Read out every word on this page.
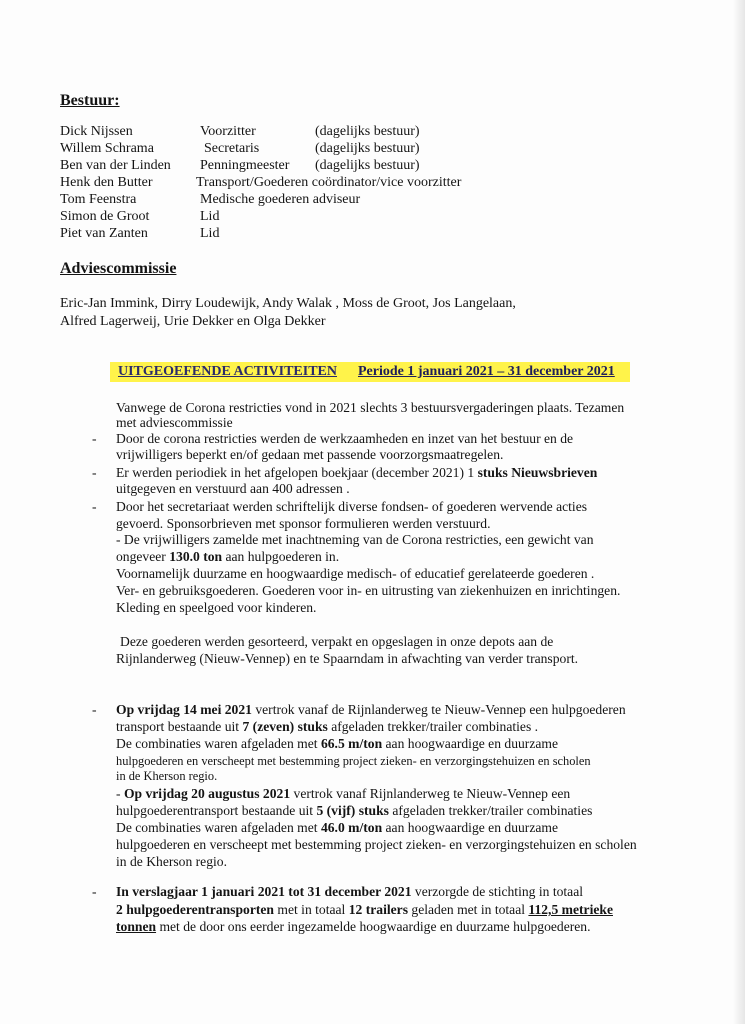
Bestuur:
Dick Nijssen	Voorzitter	(dagelijks bestuur)
Willem Schrama	Secretaris	(dagelijks bestuur)
Ben van der Linden Penningmeester (dagelijks bestuur)
Henk den Butter	Transport/Goederen coördinator/vice voorzitter
Tom Feenstra	Medische goederen adviseur
Simon de Groot	Lid
Piet van Zanten	Lid
Adviescommissie
Eric-Jan Immink, Dirry Loudewijk, Andy Walak , Moss de Groot, Jos Langelaan,
Alfred Lagerweij, Urie Dekker en Olga Dekker
UITGEOEFENDE ACTIVITEITEN Periode 1 januari 2021 – 31 december 2021
Vanwege de Corona restricties vond in 2021 slechts 3 bestuursvergaderingen plaats. Tezamen
met adviescommissie
- Door de corona restricties werden de werkzaamheden en inzet van het bestuur en de
vrijwilligers beperkt en/of gedaan met passende voorzorgsmaatregelen.
- Er werden periodiek in het afgelopen boekjaar (december 2021) 1 stuks Nieuwsbrieven
uitgegeven en verstuurd aan 400 adressen .
- Door het secretariaat werden schriftelijk diverse fondsen- of goederen wervende acties
gevoerd. Sponsorbrieven met sponsor formulieren werden verstuurd.
- De vrijwilligers zamelde met inachtneming van de Corona restricties, een gewicht van
ongeveer 130.0 ton aan hulpgoederen in.
Voornamelijk duurzame en hoogwaardige medisch- of educatief gerelateerde goederen .
Ver- en gebruiksgoederen. Goederen voor in- en uitrusting van ziekenhuizen en inrichtingen.
Kleding en speelgoed voor kinderen.
Deze goederen werden gesorteerd, verpakt en opgeslagen in onze depots aan de
Rijnlanderweg (Nieuw-Vennep) en te Spaarndam in afwachting van verder transport.
- Op vrijdag 14 mei 2021 vertrok vanaf de Rijnlanderweg te Nieuw-Vennep een hulpgoederen
transport bestaande uit 7 (zeven) stuks afgeladen trekker/trailer combinaties .
De combinaties waren afgeladen met 66.5 m/ton aan hoogwaardige en duurzame
hulpgoederen en verscheept met bestemming project zieken- en verzorgingstehuizen en scholen
in de Kherson regio.
- Op vrijdag 20 augustus 2021 vertrok vanaf Rijnlanderweg te Nieuw-Vennep een
hulpgoederentransport bestaande uit 5 (vijf) stuks afgeladen trekker/trailer combinaties
De combinaties waren afgeladen met 46.0 m/ton aan hoogwaardige en duurzame
hulpgoederen en verscheept met bestemming project zieken- en verzorgingstehuizen en scholen
in de Kherson regio.
- In verslagjaar 1 januari 2021 tot 31 december 2021 verzorgde de stichting in totaal
2 hulpgoederentransporten met in totaal 12 trailers geladen met in totaal 112,5 metrieke
tonnen met de door ons eerder ingezamelde hoogwaardige en duurzame hulpgoederen.
